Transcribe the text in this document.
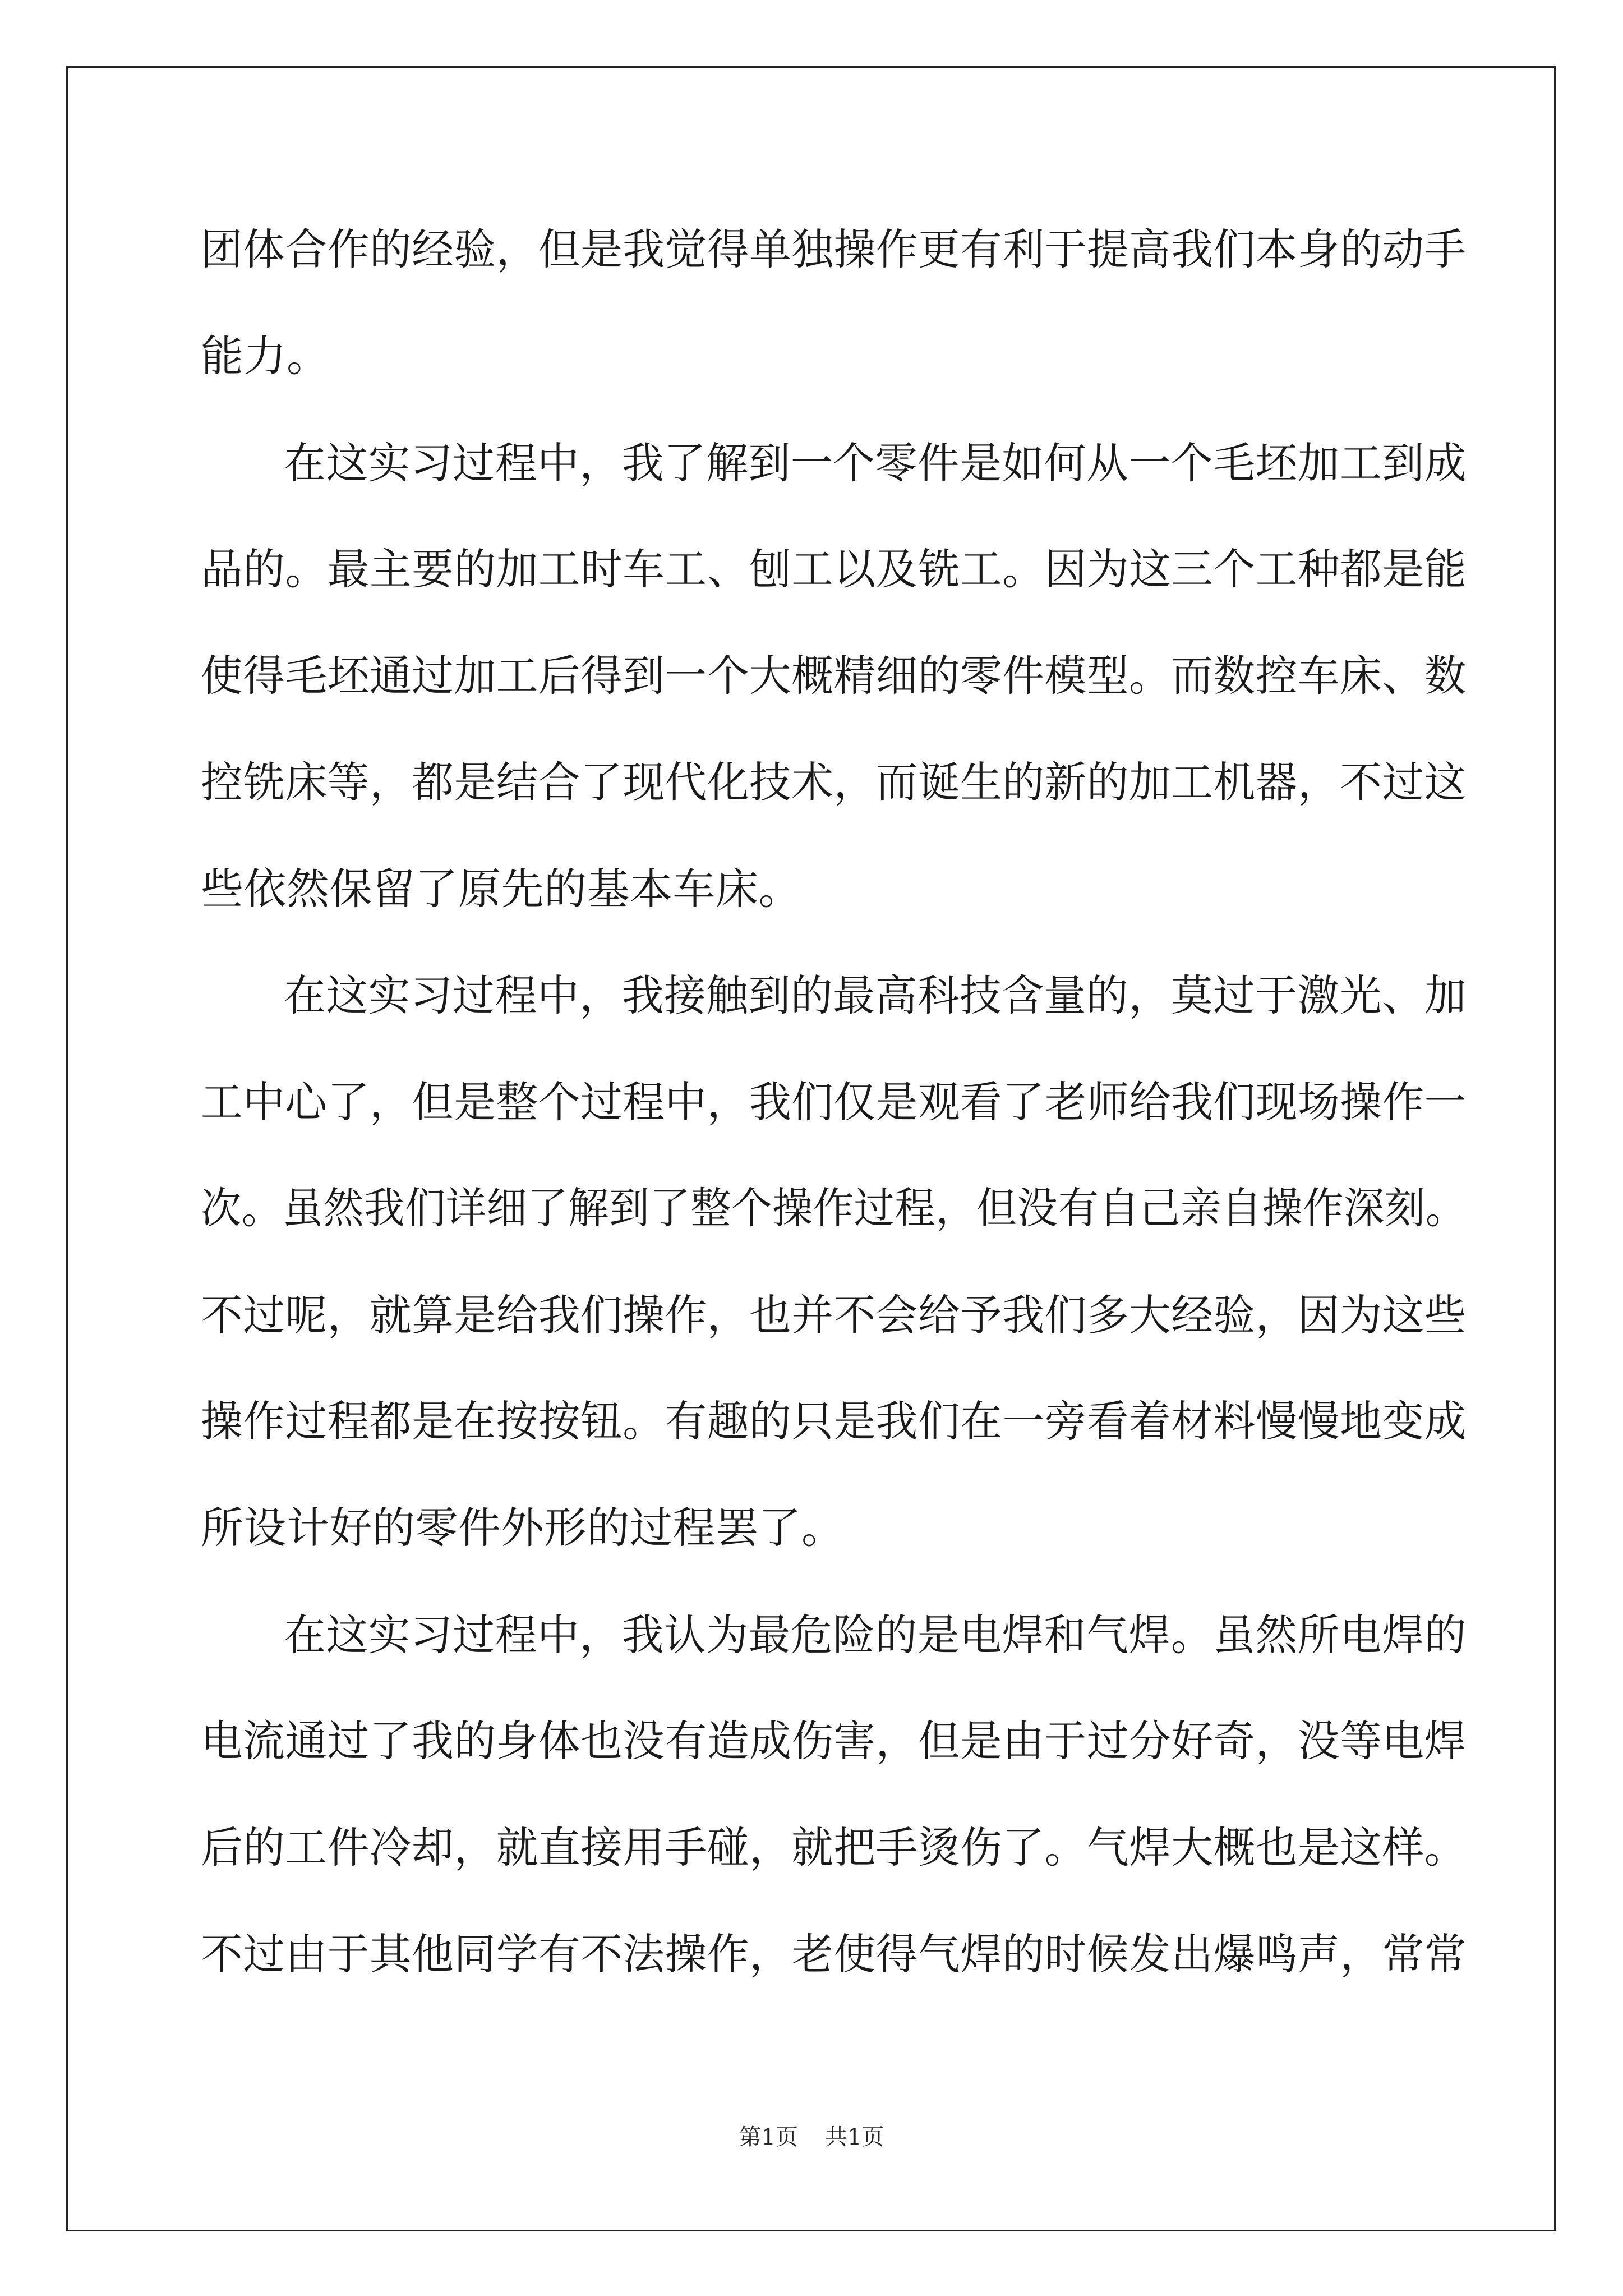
团体合作的经验，但是我觉得单独操作更有利于提高我们本身的动手
能力。
在这实习过程中，我了解到一个零件是如何从一个毛坯加工到成
品的。最主要的加工时车工、刨工以及铣工。因为这三个工种都是能
使得毛坯通过加工后得到一个大概精细的零件模型。而数控车床、数
控铣床等，都是结合了现代化技术，而诞生的新的加工机器，不过这
些依然保留了原先的基本车床。
在这实习过程中，我接触到的最高科技含量的，莫过于激光、加
工中心了，但是整个过程中，我们仅是观看了老师给我们现场操作一
次。虽然我们详细了解到了整个操作过程，但没有自己亲自操作深刻。
不过呢，就算是给我们操作，也并不会给予我们多大经验，因为这些
操作过程都是在按按钮。有趣的只是我们在一旁看着材料慢慢地变成
所设计好的零件外形的过程罢了。
在这实习过程中，我认为最危险的是电焊和气焊。虽然所电焊的
电流通过了我的身体也没有造成伤害，但是由于过分好奇，没等电焊
后的工件冷却，就直接用手碰，就把手烫伤了。气焊大概也是这样。
不过由于其他同学有不法操作，老使得气焊的时候发出爆鸣声，常常
第1页 共1页
